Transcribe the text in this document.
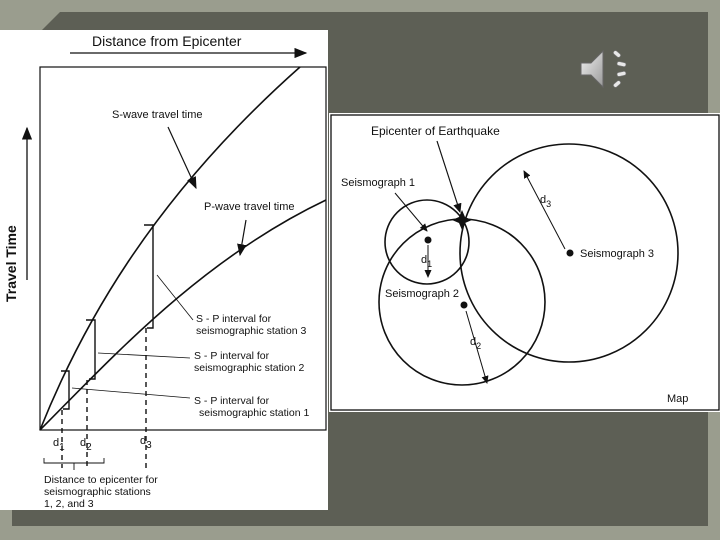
Distance from Epicenter
Travel Time
S-wave travel time
P-wave travel time
S - P interval for
seismographic station 3
S - P interval for
seismographic station 2
S - P interval for
seismographic station 1
d1 d2
d3
Distance to epicenter for
seismographic stations
1, 2, and 3
Epicenter of Earthquake
Seismograph 1
Seismograph 2
Seismograph 3
$d_1$
$d_2$
$d_3$
Map
